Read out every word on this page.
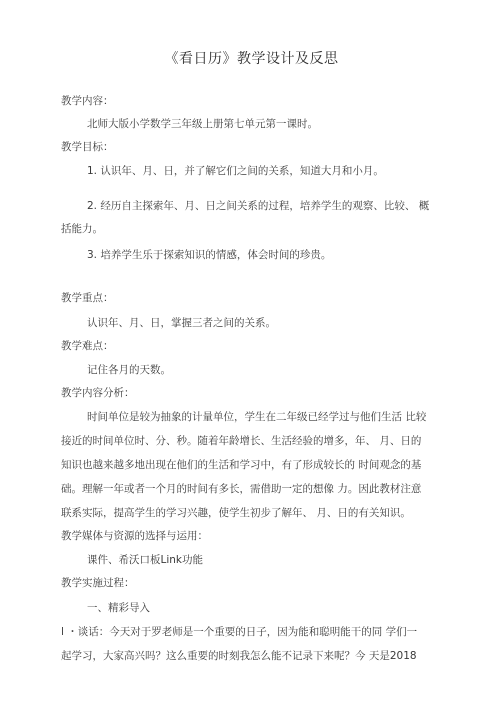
《看日历》教学设计及反思
教学内容：
北师大版小学数学三年级上册第七单元第一课时。
教学目标：
1. 认识年、月、日，并了解它们之间的关系，知道大月和小月。
2. 经历自主探索年、月、日之间关系的过程，培养学生的观察、比较、 概
括能力。
3. 培养学生乐于探索知识的情感，体会时间的珍贵。
教学重点：
认识年、月、日，掌握三者之间的关系。
教学难点：
记住各月的天数。
教学内容分析：
时间单位是较为抽象的计量单位，学生在二年级已经学过与他们生活 比较
接近的时间单位时、分、秒。随着年龄增长、生活经验的增多，年、 月、日的
知识也越来越多地出现在他们的生活和学习中，有了形成较长的 时间观念的基
础。理解一年或者一个月的时间有多长，需借助一定的想像 力。因此教材注意
联系实际，提高学生的学习兴趣，使学生初步了解年、 月、日的有关知识。
教学媒体与资源的选择与运用：
课件、希沃口板Link功能
教学实施过程：
一、精彩导入
l ・谈话：今天对于罗老师是一个重要的日子，因为能和聪明能干的同 学们一
起学习，大家高兴吗？这么重要的时刻我怎么能不记录下来呢？今 天是2018
